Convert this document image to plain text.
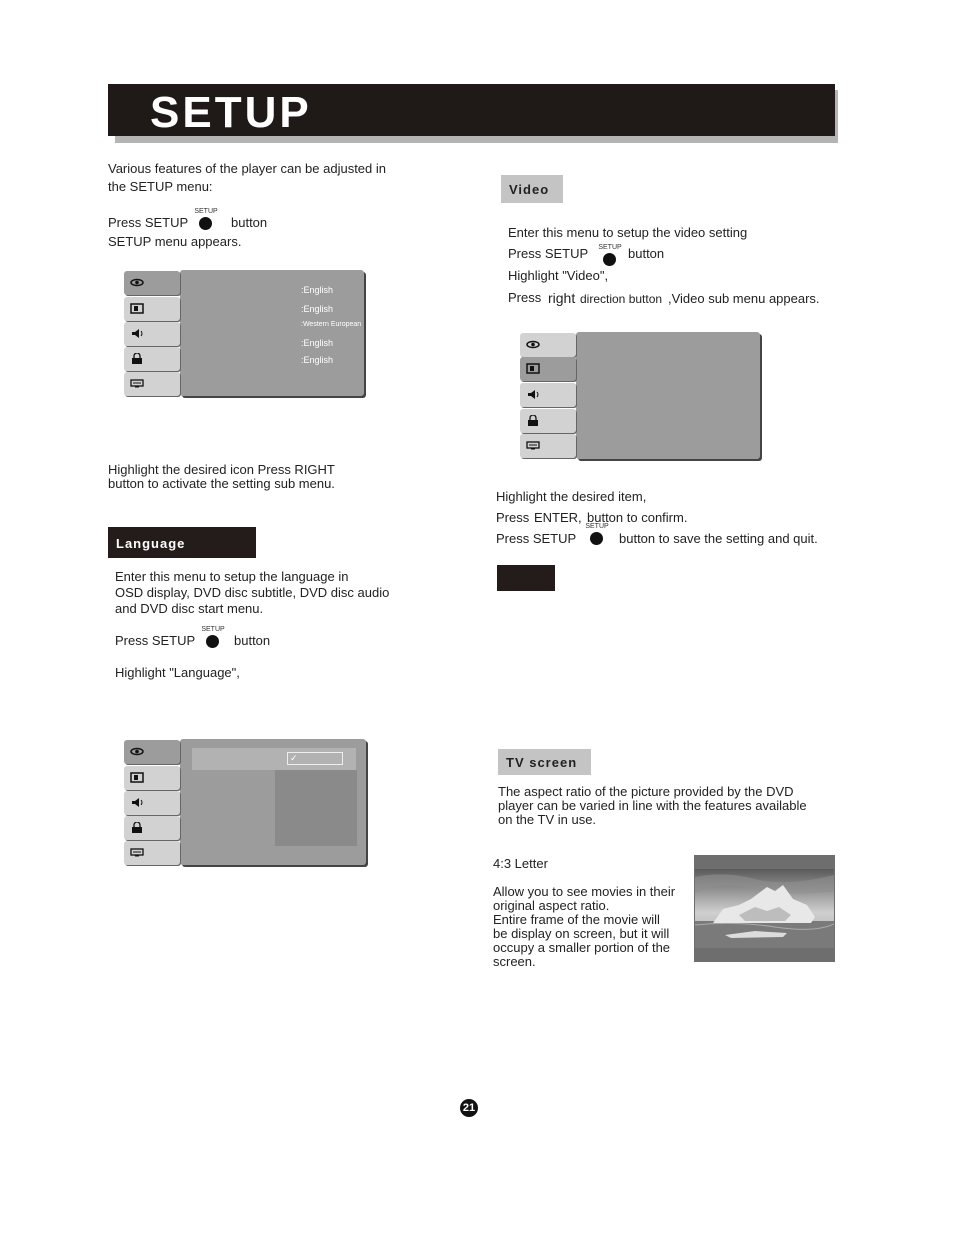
SETUP
Various features of the player can be adjusted in
the SETUP menu:
Press SETUP
SETUP
button
SETUP menu appears.
:English
:English
:Western European
:English
:English
Highlight the desired icon Press RIGHT
button to activate the setting sub menu.
Language
Enter this menu to setup the language in
OSD display, DVD disc subtitle, DVD disc audio
and DVD disc start menu.
Press SETUP
SETUP
button
Highlight "Language",
✓
Video
Enter this menu to setup the video setting
Press SETUP	SETUP button
Highlight "Video",
Press right direction button ,Video sub menu appears.
Highlight the desired item,
Press ENTER, button to confirm.
Press SETUP
SETUP
button to save the setting and quit.
TV screen
The aspect ratio of the picture provided by the DVD
player can be varied in line with the features available
on the TV in use.
4:3 Letter
Allow you to see movies in their
original aspect ratio.
Entire frame of the movie will
be display on screen, but it will
occupy a smaller portion of the
screen.
21
